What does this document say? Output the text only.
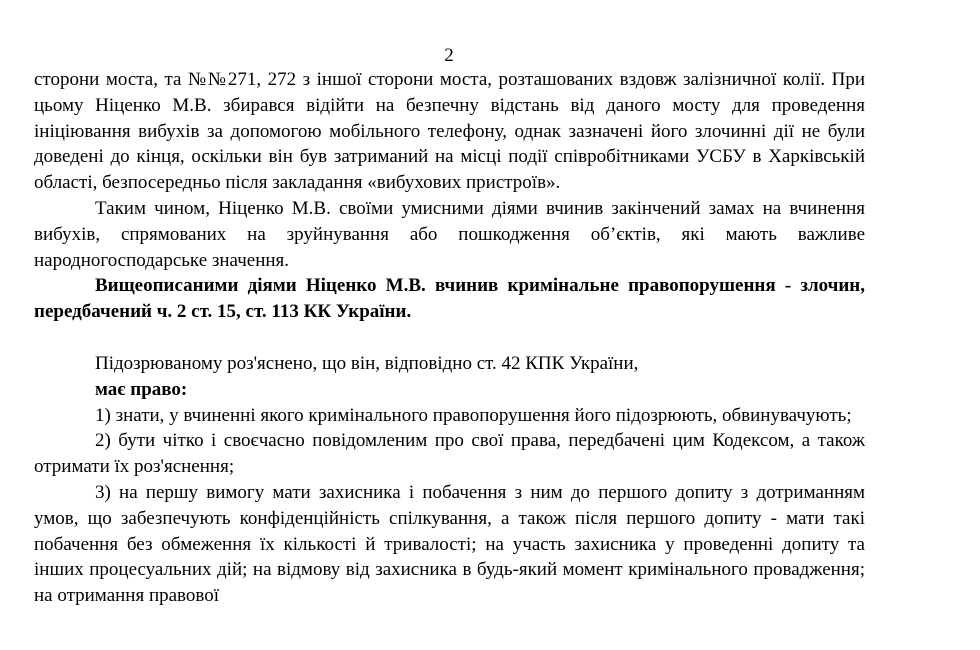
2

сторони моста, та №№271, 272 з іншої сторони моста, розташованих вздовж залізничної колії. При цьому Ніценко М.В. збирався відійти на безпечну відстань від даного мосту для проведення ініціювання вибухів за допомогою мобільного телефону, однак зазначені його злочинні дії не були доведені до кінця, оскільки він був затриманий на місці події співробітниками УСБУ в Харківській області, безпосередньо після закладання «вибухових пристроїв».

Таким чином, Ніценко М.В. своїми умисними діями вчинив закінчений замах на вчинення вибухів, спрямованих на зруйнування або пошкодження об’єктів, які мають важливе народногосподарське значення.

Вищеописаними діями Ніценко М.В. вчинив кримінальне правопорушення - злочин, передбачений ч. 2 ст. 15, ст. 113 КК України.

Підозрюваному роз'яснено, що він, відповідно ст. 42 КПК України,

має право:

1) знати, у вчиненні якого кримінального правопорушення його підозрюють, обвинувачують;

2) бути чітко і своєчасно повідомленим про свої права, передбачені цим Кодексом, а також отримати їх роз'яснення;

3) на першу вимогу мати захисника і побачення з ним до першого допиту з дотриманням умов, що забезпечують конфіденційність спілкування, а також після першого допиту - мати такі побачення без обмеження їх кількості й тривалості; на участь захисника у проведенні допиту та інших процесуальних дій; на відмову від захисника в будь-який момент кримінального провадження; на отримання правової
